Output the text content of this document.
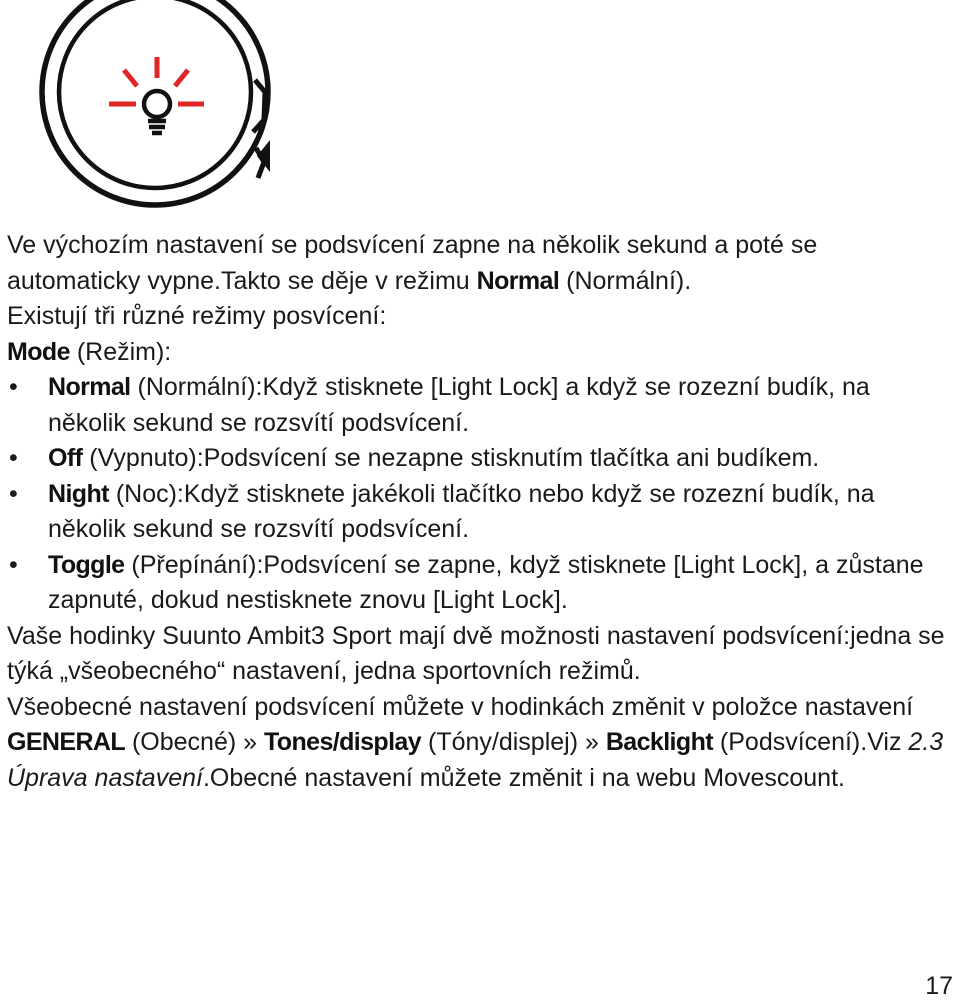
Ve výchozím nastavení se podsvícení zapne na několik sekund a poté se automaticky vypne.Takto se děje v režimu Normal (Normální).

Existují tři různé režimy posvícení:

Mode (Režim):

• Normal (Normální):Když stisknete [Light Lock] a když se rozezní budík, na několik sekund se rozsvítí podsvícení.
• Off (Vypnuto):Podsvícení se nezapne stisknutím tlačítka ani budíkem.
• Night (Noc):Když stisknete jakékoli tlačítko nebo když se rozezní budík, na několik sekund se rozsvítí podsvícení.
• Toggle (Přepínání):Podsvícení se zapne, když stisknete [Light Lock], a zůstane zapnuté, dokud nestisknete znovu [Light Lock].

Vaše hodinky Suunto Ambit3 Sport mají dvě možnosti nastavení podsvícení:jedna se týká „všeobecného“ nastavení, jedna sportovních režimů.

Všeobecné nastavení podsvícení můžete v hodinkách změnit v položce nastavení GENERAL (Obecné) » Tones/display (Tóny/displej) » Backlight (Podsvícení).Viz 2.3 Úprava nastavení.Obecné nastavení můžete změnit i na webu Movescount.

17
